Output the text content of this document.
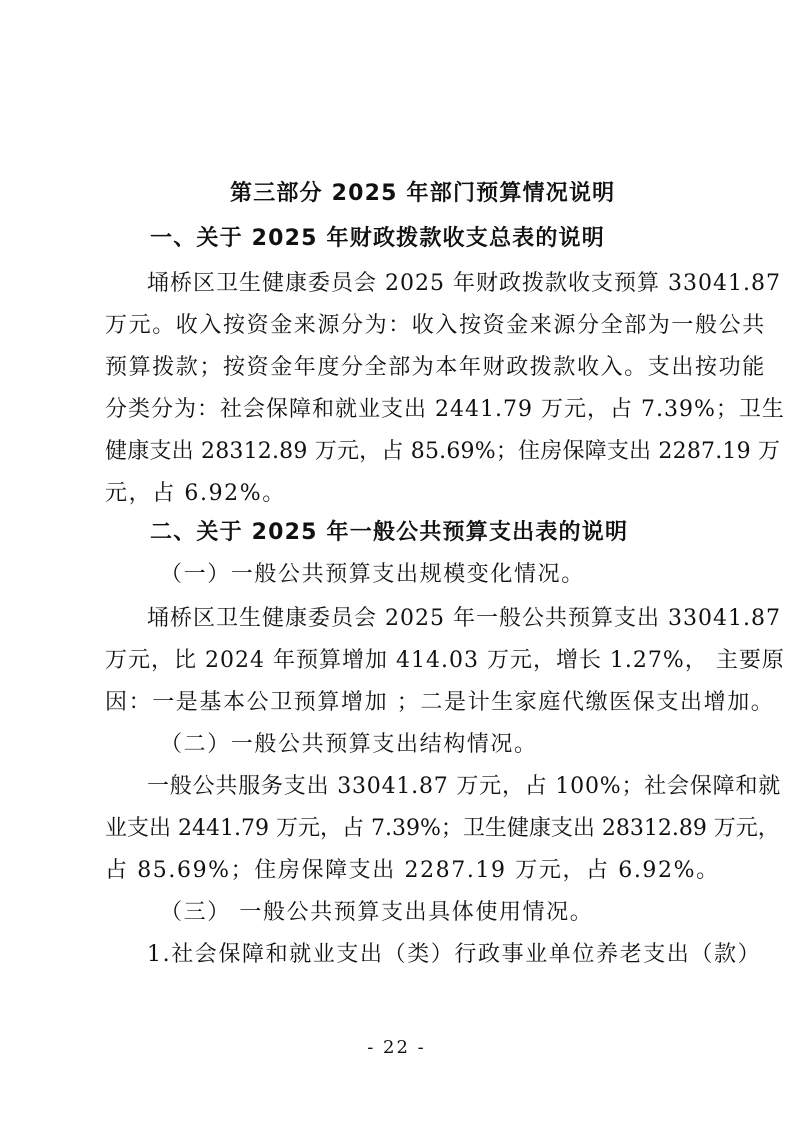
第三部分 2025 年部门预算情况说明
一、关于 2025 年财政拨款收支总表的说明
埇桥区卫生健康委员会 2025 年财政拨款收支预算 33041.87
万元。收入按资金来源分为：收入按资金来源分全部为一般公共
预算拨款；按资金年度分全部为本年财政拨款收入。支出按功能
分类分为：社会保障和就业支出 2441.79 万元，占 7.39%；卫生
健康支出 28312.89 万元，占 85.69%；住房保障支出 2287.19 万
元，占 6.92%。
二、关于 2025 年一般公共预算支出表的说明
（一）一般公共预算支出规模变化情况。
埇桥区卫生健康委员会 2025 年一般公共预算支出 33041.87
万元，比 2024 年预算增加 414.03 万元，增长 1.27%， 主要原
因：一是基本公卫预算增加 ；二是计生家庭代缴医保支出增加。
（二）一般公共预算支出结构情况。
一般公共服务支出 33041.87 万元，占 100%；社会保障和就
业支出 2441.79 万元，占 7.39%；卫生健康支出 28312.89 万元，
占 85.69%；住房保障支出 2287.19 万元，占 6.92%。
（三） 一般公共预算支出具体使用情况。
1.社会保障和就业支出（类）行政事业单位养老支出（款）
- 22 -
